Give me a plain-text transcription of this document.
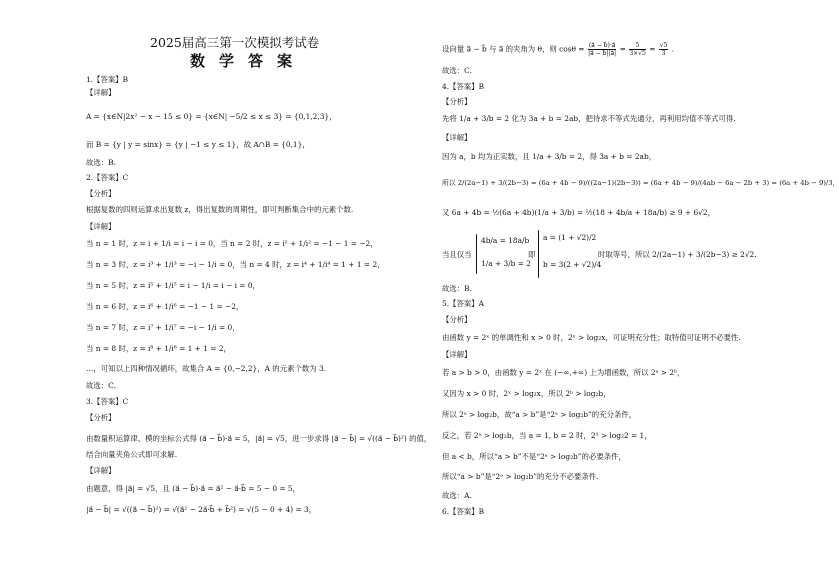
2025届高三第一次模拟考试卷
数学答案
1.【答案】B
【详解】
A = {x∈N|2x² − x − 15 ≤ 0} = {x∈N| −5/2 ≤ x ≤ 3} = {0,1,2,3}，
而 B = {y | y = sinx} = {y | −1 ≤ y ≤ 1}，故 A∩B = {0,1}，
故选：B.
2.【答案】C
【分析】
根据复数的四则运算求出复数 z，得出复数的周期性，即可判断集合中的元素个数.
【详解】
当 n = 1 时，z = i + 1/i = i − i = 0，当 n = 2 时，z = i² + 1/i² = −1 − 1 = −2，
当 n = 3 时，z = i³ + 1/i³ = −i − 1/i = 0，当 n = 4 时，z = i⁴ + 1/i⁴ = 1 + 1 = 2，
当 n = 5 时，z = i⁵ + 1/i⁵ = i − 1/i = i − i = 0，
当 n = 6 时，z = i⁶ + 1/i⁶ = −1 − 1 = −2，
当 n = 7 时，z = i⁷ + 1/i⁷ = −i − 1/i = 0，
当 n = 8 时，z = i⁸ + 1/i⁸ = 1 + 1 = 2，
…，可知以上四种情况循环，故集合 A = {0,−2,2}，A 的元素个数为 3.
故选：C.
3.【答案】C
【分析】
由数量积运算律、模的坐标公式得 (a⃗ − b⃗)·a⃗ = 5，|a⃗| = √5，进一步求得 |a⃗ − b⃗| = √((a⃗ − b⃗)²) 的值，
结合向量夹角公式即可求解.
【详解】
由题意，得 |a⃗| = √5，且 (a⃗ − b⃗)·a⃗ = a⃗² − a⃗·b⃗ = 5 − 0 = 5，
|a⃗ − b⃗| = √((a⃗ − b⃗)²) = √(a⃗² − 2a⃗·b⃗ + b⃗²) = √(5 − 0 + 4) = 3，
设向量 a⃗ − b⃗ 与 a⃗ 的夹角为 θ，则 $\cos\theta = \frac{(a⃗ - b⃗)\cdot a⃗}{|a⃗ - b⃗||a⃗|} = \frac{5}{3\times√5} = \frac{√5}{3}$ .
故选：C.
4.【答案】B
【分析】
先将 1/a + 3/b = 2 化为 3a + b = 2ab，把待求不等式先通分，再利用均值不等式可得.
【详解】
因为 a，b 均为正实数，且 1/a + 3/b = 2，得 3a + b = 2ab，
所以 2/(2a−1) + 3/(2b−3) = (6a + 4b − 9)/((2a−1)(2b−3)) = (6a + 4b − 9)/(4ab − 6a − 2b + 3) = (6a + 4b − 9)/3，
又 6a + 4b = ½(6a + 4b)(1/a + 3/b) = ½(18 + 4b/a + 18a/b) ≥ 9 + 6√2，
当且仅当
4b/a = 18a/b
1/a + 3/b = 2
即
a = (1 + √2)/2
b = 3(2 + √2)/4
时取等号，所以 2/(2a−1) + 3/(2b−3) ≥ 2√2.
故选：B.
5.【答案】A
【分析】
由函数 y = 2ˣ 的单调性和 x > 0 时，2ˣ > log₂x，可证明充分性；取特值可证明不必要性.
【详解】
若 a > b > 0，由函数 y = 2ˣ 在 (−∞,+∞) 上为增函数，所以 2ᵃ > 2ᵇ，
又因为 x > 0 时，2ˣ > log₂x，所以 2ᵇ > log₂b，
所以 2ᵃ > log₂b，故“a > b”是“2ᵃ > log₂b”的充分条件，
反之，若 2ᵃ > log₂b，当 a = 1, b = 2 时，2¹ > log₂2 = 1，
但 a < b，所以“a > b”不是“2ᵃ > log₂b”的必要条件，
所以“a > b”是“2ᵃ > log₂b”的充分不必要条件.
故选：A.
6.【答案】B
